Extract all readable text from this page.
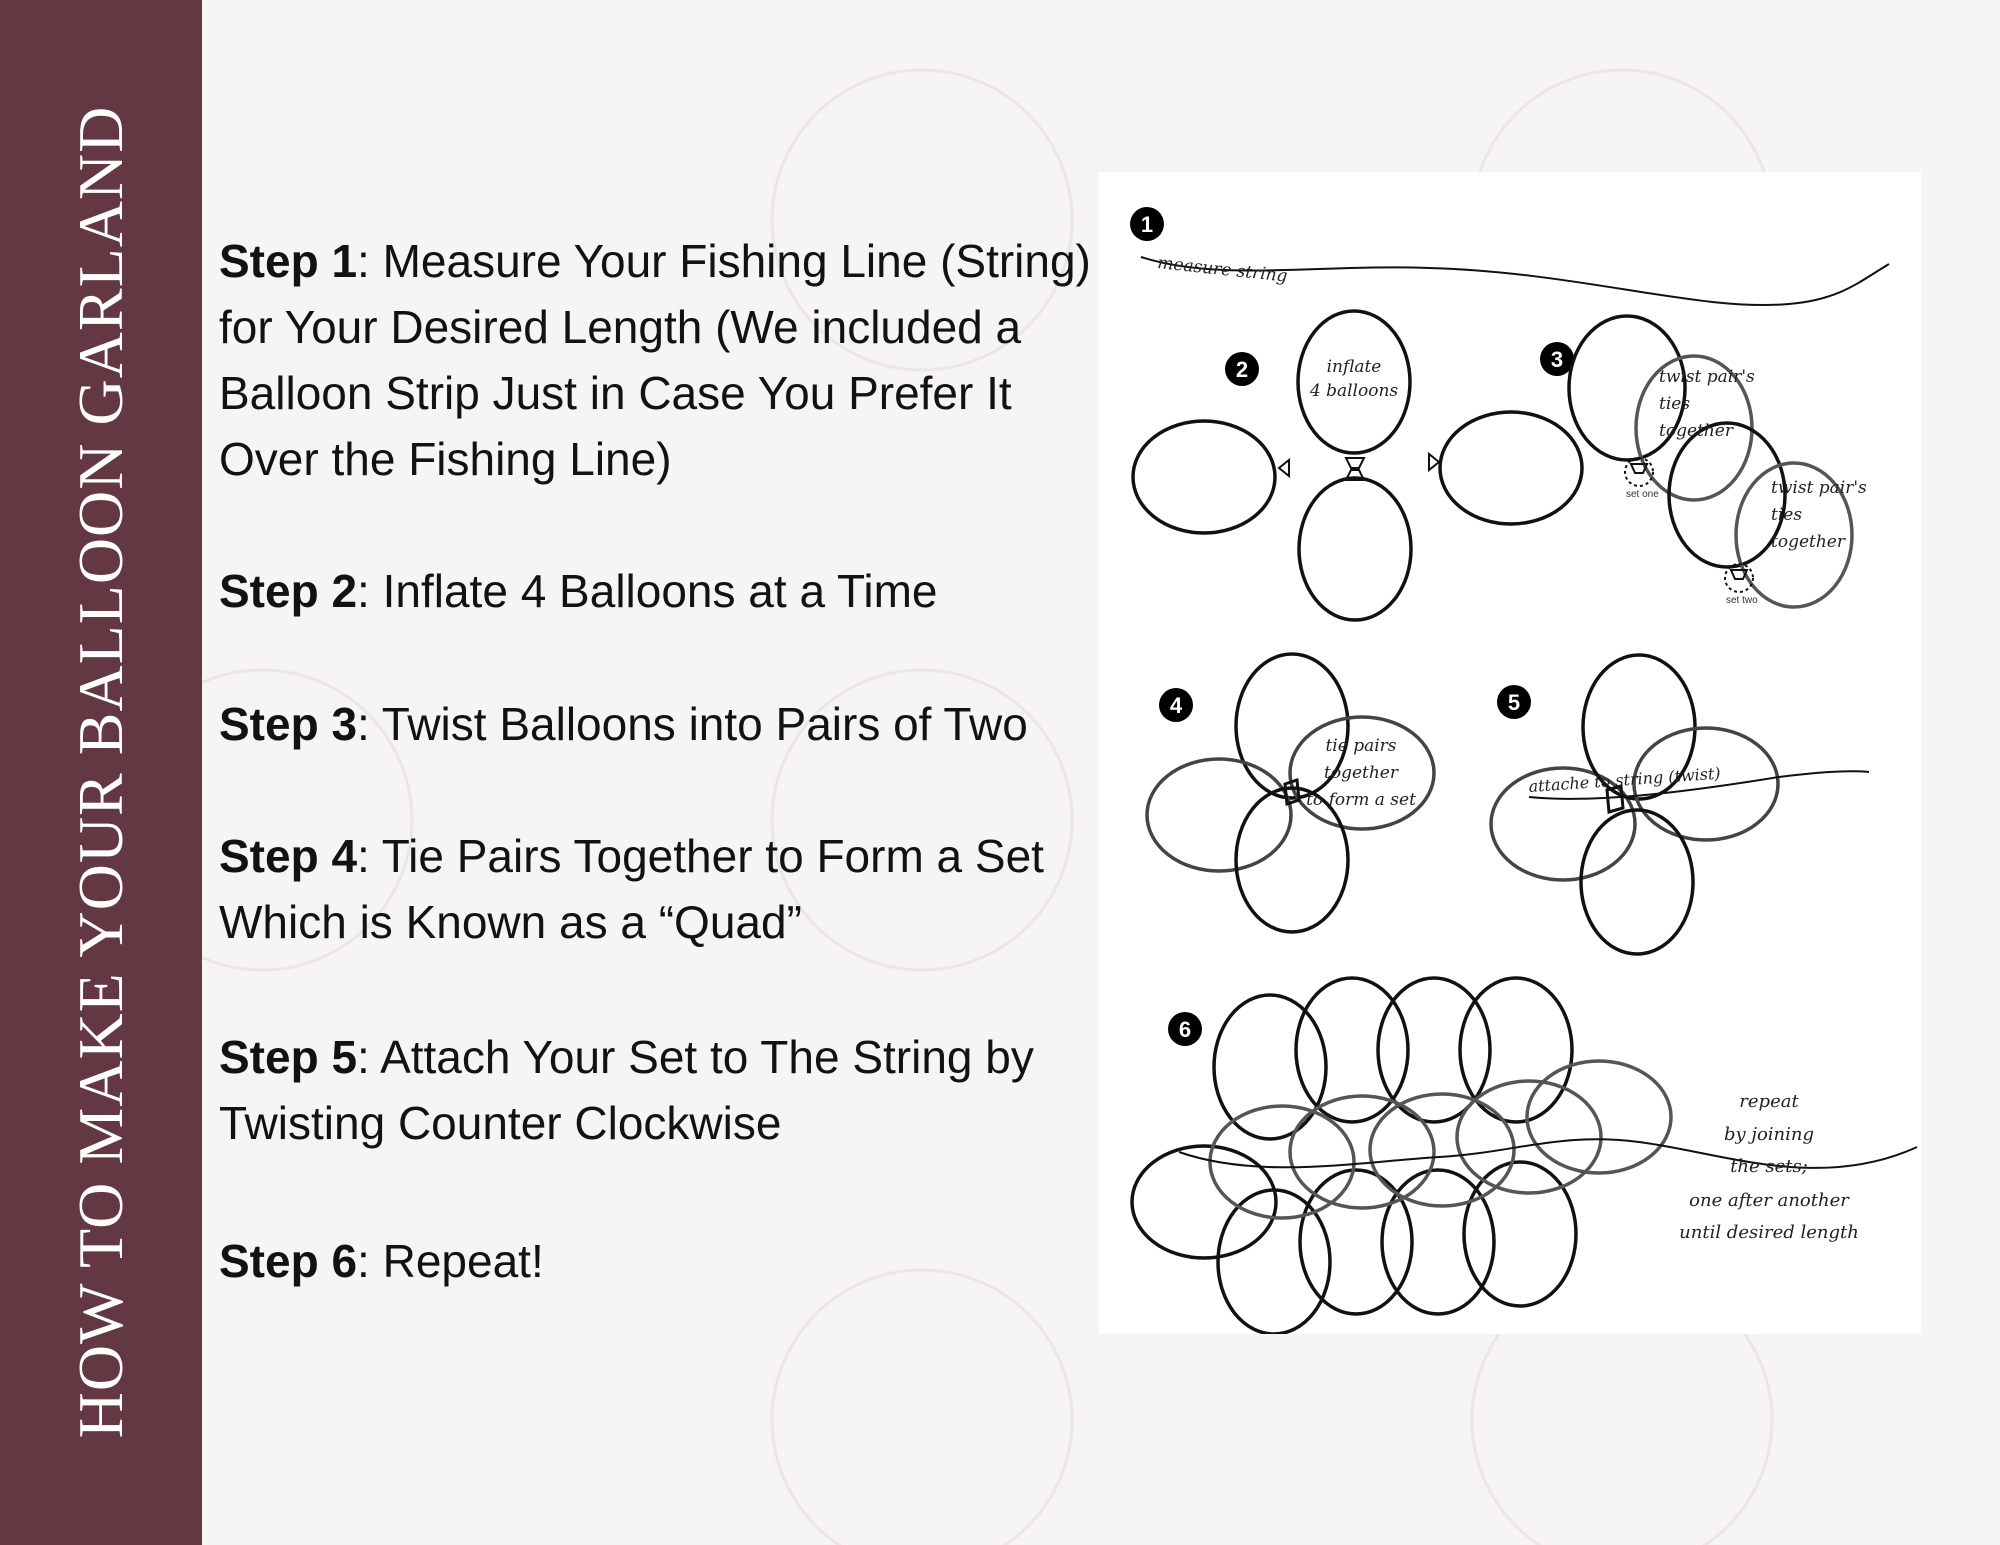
HOW TO MAKE YOUR BALLOON GARLAND Step 1: Measure Your Fishing Line (String) for Your Desired Length (We included a Balloon Strip Just in Case You Prefer It Over the Fishing Line)

Step 2: Inflate 4 Balloons at a Time

Step 3: Twist Balloons into Pairs of Two

Step 4: Tie Pairs Together to Form a Set Which is Known as a “Quad”

Step 5: Attach Your Set to The String by Twisting Counter Clockwise

Step 6: Repeat!

1
measure string
2	inflate
4 balloons
3
twist pair's
ties
together
twist pair's
ties
together
set one
set two
4
tie pairs
together
to form a set
5
attache to string (twist)
6
repeat
by joining
the sets;
one after another
until desired length
